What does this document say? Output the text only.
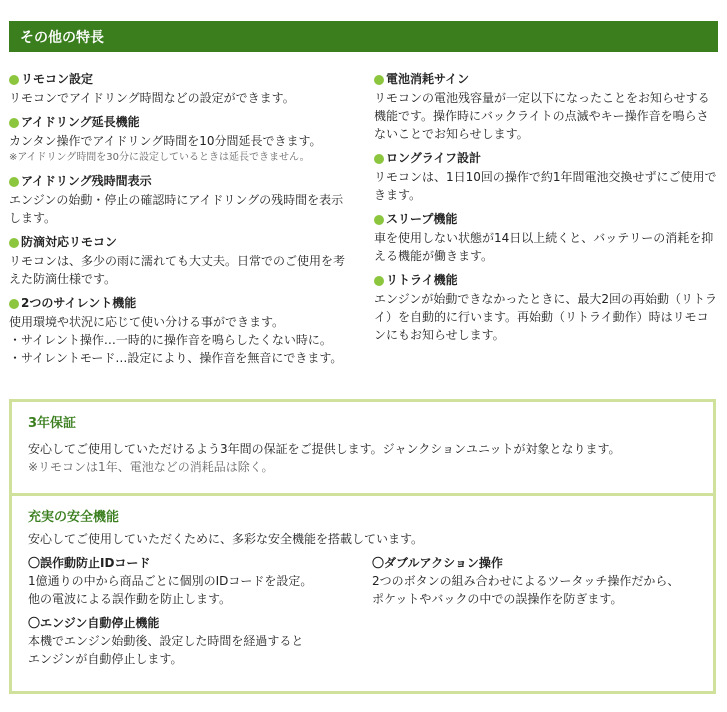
その他の特長
リモコン設定

リモコンでアイドリング時間などの設定ができます。

アイドリング延長機能

カンタン操作でアイドリング時間を10分間延長できます。

※アイドリング時間を30分に設定しているときは延長できません。

アイドリング残時間表示

エンジンの始動・停止の確認時にアイドリングの残時間を表示します。

防滴対応リモコン

リモコンは、多少の雨に濡れても大丈夫。日常でのご使用を考えた防滴仕様です。

2つのサイレント機能

使用環境や状況に応じて使い分ける事ができます。
・サイレント操作…一時的に操作音を鳴らしたくない時に。
・サイレントモード…設定により、操作音を無音にできます。

電池消耗サイン

リモコンの電池残容量が一定以下になったことをお知らせする機能です。操作時にバックライトの点滅やキー操作音を鳴らさないことでお知らせします。

ロングライフ設計

リモコンは、1日10回の操作で約1年間電池交換せずにご使用できます。

スリープ機能

車を使用しない状態が14日以上続くと、バッテリーの消耗を抑える機能が働きます。

リトライ機能

エンジンが始動できなかったときに、最大2回の再始動（リトライ）を自動的に行います。再始動（リトライ動作）時はリモコンにもお知らせします。

3年保証

安心してご使用していただけるよう3年間の保証をご提供します。ジャンクションユニットが対象となります。

※リモコンは1年、電池などの消耗品は除く。

充実の安全機能

安心してご使用していただくために、多彩な安全機能を搭載しています。

〇誤作動防止IDコード

1億通りの中から商品ごとに個別のIDコードを設定。
他の電波による誤作動を防止します。

〇ダブルアクション操作

2つのボタンの組み合わせによるツータッチ操作だから、
ポケットやバックの中での誤操作を防ぎます。

〇エンジン自動停止機能

本機でエンジン始動後、設定した時間を経過すると
エンジンが自動停止します。
